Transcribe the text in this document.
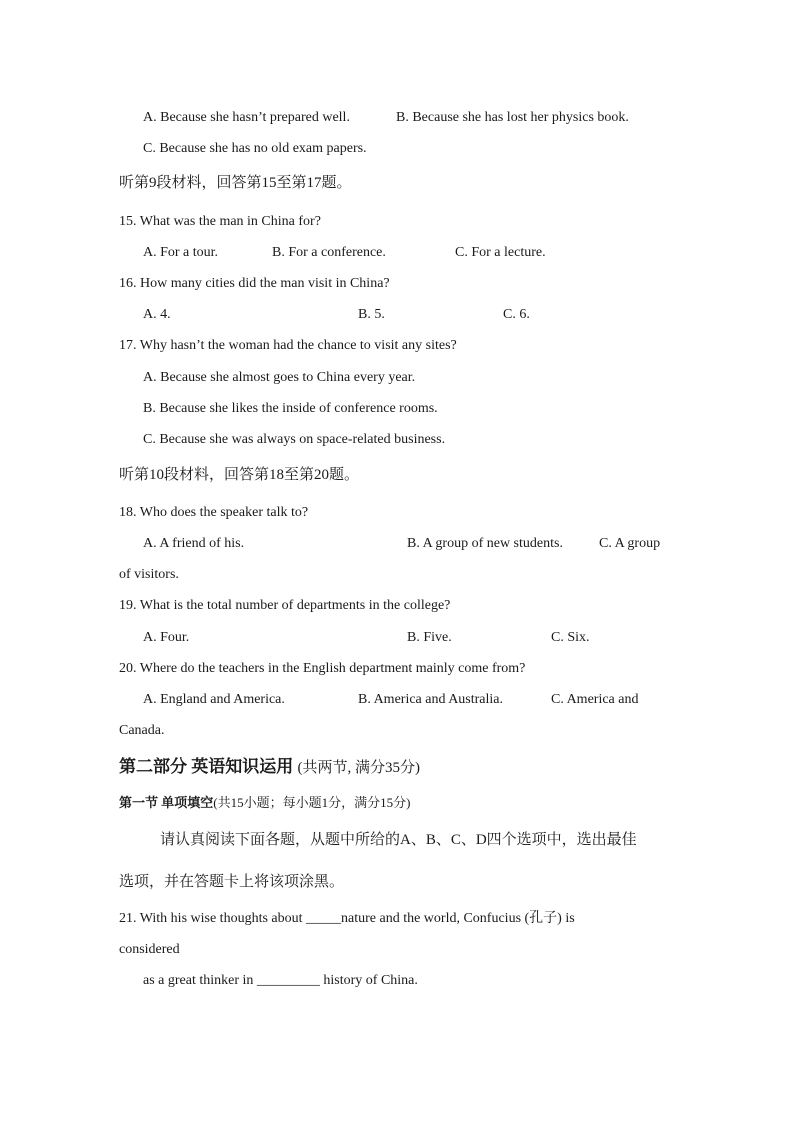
A. Because she hasn’t prepared well.	B. Because she has lost her physics book.
C. Because she has no old exam papers.
听第9段材料，回答第15至第17题。
15. What was the man in China for?
A. For a tour.	B. For a conference.	C. For a lecture.
16. How many cities did the man visit in China?
A. 4.	B. 5.	C. 6.
17. Why hasn’t the woman had the chance to visit any sites?
A. Because she almost goes to China every year.
B. Because she likes the inside of conference rooms.
C. Because she was always on space-related business.
听第10段材料，回答第18至第20题。
18. Who does the speaker talk to?
A. A friend of his.	B. A group of new students.	C. A group
of visitors.
19. What is the total number of departments in the college?
A. Four.	B. Five.	C. Six.
20. Where do the teachers in the English department mainly come from?
A. England and America.	B. America and Australia.	C. America and
Canada.
第二部分 英语知识运用 (共两节, 满分35分)
第一节 单项填空(共15小题；每小题1分，满分15分)
请认真阅读下面各题，从题中所给的A、B、C、D四个选项中，选出最佳
选项，并在答题卡上将该项涂黑。
21. With his wise thoughts about _____nature and the world, Confucius (孔子) is
considered
as a great thinker in _________ history of China.
